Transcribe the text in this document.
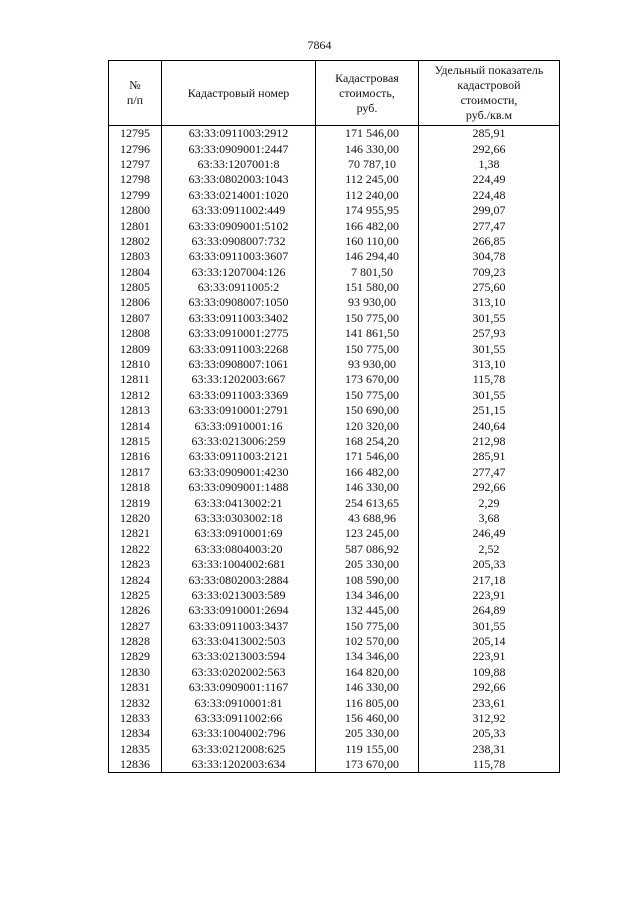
7864
№
п/п	Кадастровый номер	Кадастровая
стоимость,
руб.	Удельный показатель
кадастровой
стоимости,
руб./кв.м
12795	63:33:0911003:2912	171 546,00	285,91
12796	63:33:0909001:2447	146 330,00	292,66
12797	63:33:1207001:8	70 787,10	1,38
12798	63:33:0802003:1043	112 245,00	224,49
12799	63:33:0214001:1020	112 240,00	224,48
12800	63:33:0911002:449	174 955,95	299,07
12801	63:33:0909001:5102	166 482,00	277,47
12802	63:33:0908007:732	160 110,00	266,85
12803	63:33:0911003:3607	146 294,40	304,78
12804	63:33:1207004:126	7 801,50	709,23
12805	63:33:0911005:2	151 580,00	275,60
12806	63:33:0908007:1050	93 930,00	313,10
12807	63:33:0911003:3402	150 775,00	301,55
12808	63:33:0910001:2775	141 861,50	257,93
12809	63:33:0911003:2268	150 775,00	301,55
12810	63:33:0908007:1061	93 930,00	313,10
12811	63:33:1202003:667	173 670,00	115,78
12812	63:33:0911003:3369	150 775,00	301,55
12813	63:33:0910001:2791	150 690,00	251,15
12814	63:33:0910001:16	120 320,00	240,64
12815	63:33:0213006:259	168 254,20	212,98
12816	63:33:0911003:2121	171 546,00	285,91
12817	63:33:0909001:4230	166 482,00	277,47
12818	63:33:0909001:1488	146 330,00	292,66
12819	63:33:0413002:21	254 613,65	2,29
12820	63:33:0303002:18	43 688,96	3,68
12821	63:33:0910001:69	123 245,00	246,49
12822	63:33:0804003:20	587 086,92	2,52
12823	63:33:1004002:681	205 330,00	205,33
12824	63:33:0802003:2884	108 590,00	217,18
12825	63:33:0213003:589	134 346,00	223,91
12826	63:33:0910001:2694	132 445,00	264,89
12827	63:33:0911003:3437	150 775,00	301,55
12828	63:33:0413002:503	102 570,00	205,14
12829	63:33:0213003:594	134 346,00	223,91
12830	63:33:0202002:563	164 820,00	109,88
12831	63:33:0909001:1167	146 330,00	292,66
12832	63:33:0910001:81	116 805,00	233,61
12833	63:33:0911002:66	156 460,00	312,92
12834	63:33:1004002:796	205 330,00	205,33
12835	63:33:0212008:625	119 155,00	238,31
12836	63:33:1202003:634	173 670,00	115,78
